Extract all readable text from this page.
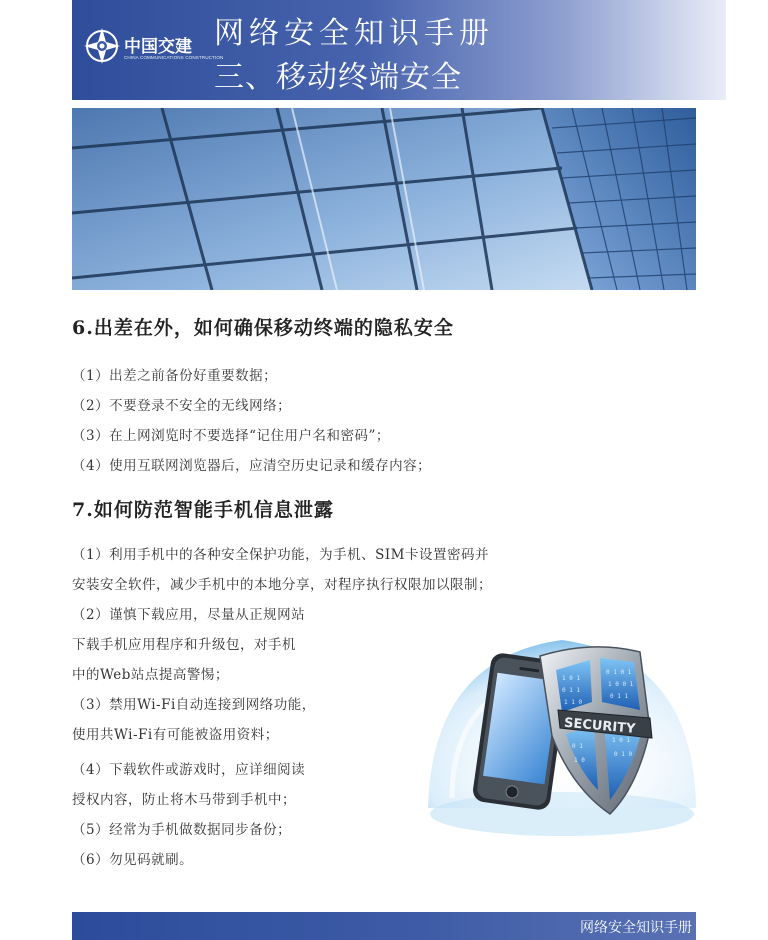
中国交建
CHINA COMMUNICATIONS CONSTRUCTION
网络安全知识手册
三、移动终端安全
6.出差在外，如何确保移动终端的隐私安全
（1）出差之前备份好重要数据；
（2）不要登录不安全的无线网络；
（3）在上网浏览时不要选择“记住用户名和密码”；
（4）使用互联网浏览器后，应清空历史记录和缓存内容；
7.如何防范智能手机信息泄露
（1）利用手机中的各种安全保护功能，为手机、SIM卡设置密码并
安装安全软件，减少手机中的本地分享，对程序执行权限加以限制；
（2）谨慎下载应用，尽量从正规网站
下载手机应用程序和升级包，对手机
中的Web站点提高警惕；
（3）禁用Wi-Fi自动连接到网络功能，
使用共Wi-Fi有可能被盗用资料；
（4）下载软件或游戏时，应详细阅读
授权内容，防止将木马带到手机中；
（5）经常为手机做数据同步备份；
（6）勿见码就刷。
1 0 1
0 1 1
1 1 0
0 1 0 1
1 0 0 1
0 1 1
0 1
1 0
1 0 1
0 1 0
SECURITY
网络安全知识手册
